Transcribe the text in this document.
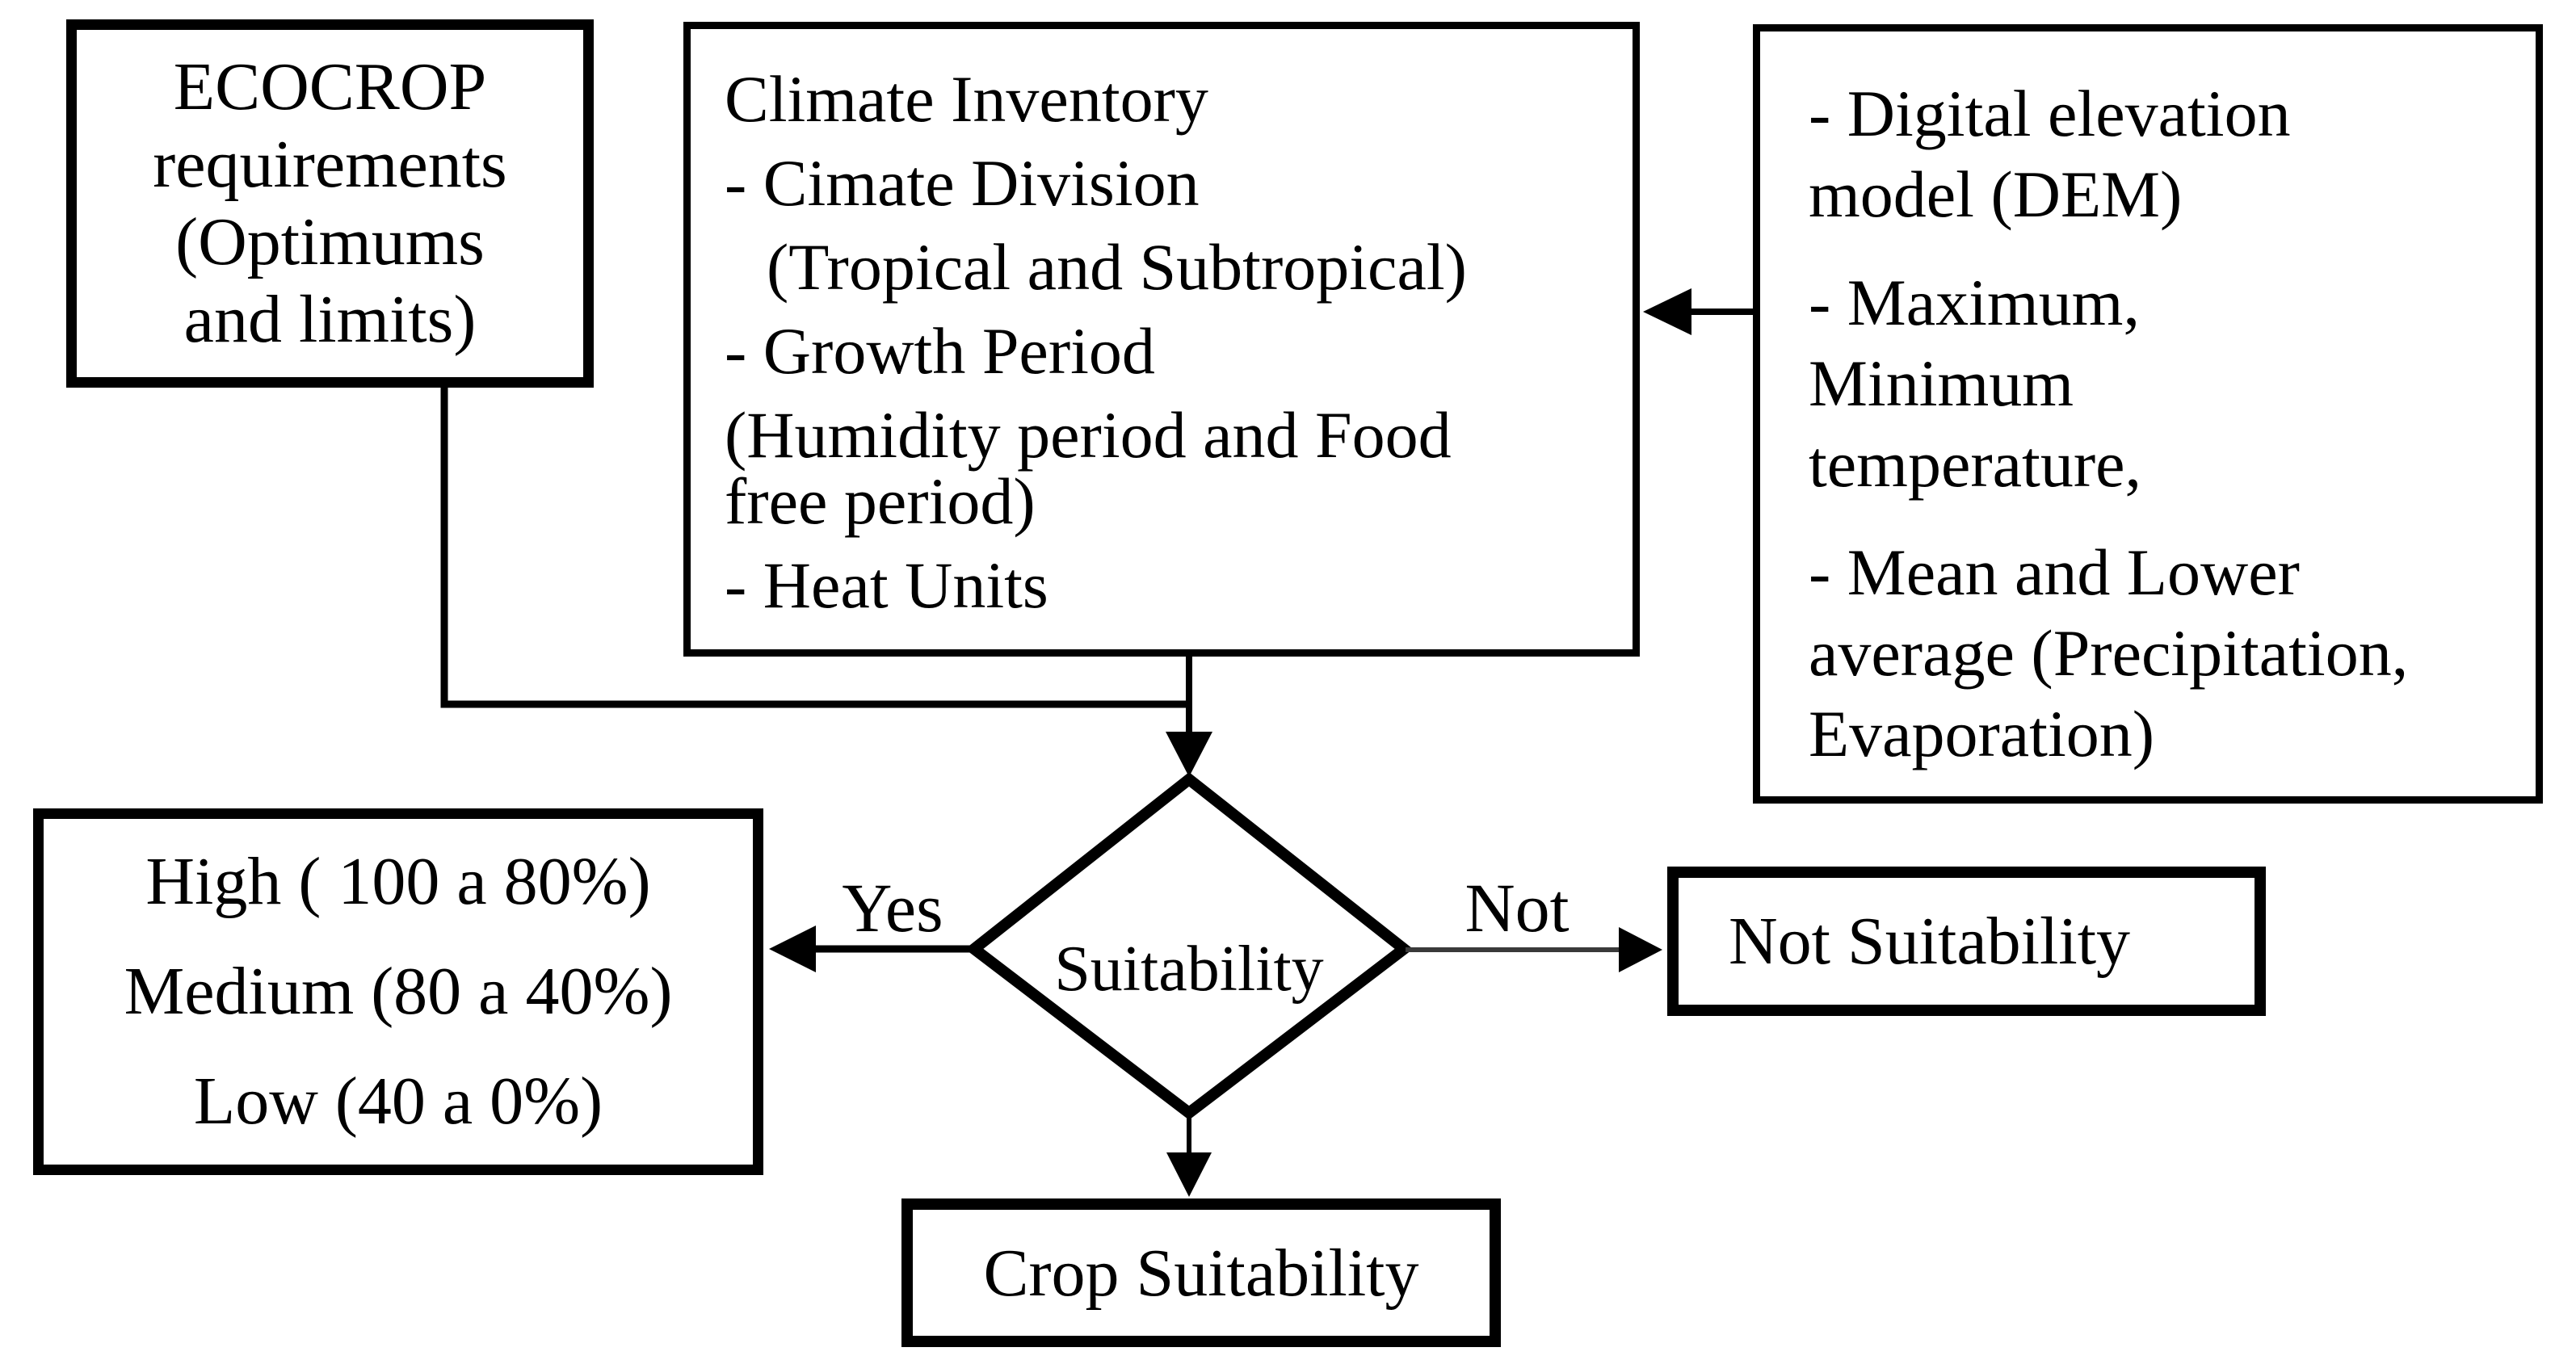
ECOCROP
requirements
(Optimums
and limits)
Climate Inventory
- Cimate Division
(Tropical and Subtropical)
- Growth Period
(Humidity period and Food
free period)
- Heat Units
- Digital elevation
model (DEM)
- Maximum,
Minimum
temperature,
- Mean and Lower
average (Precipitation,
Evaporation)
High ( 100 a 80%)
Medium (80 a 40%)
Low (40 a 0%)
Not Suitability
Crop Suitability
Suitability
Yes	Not
